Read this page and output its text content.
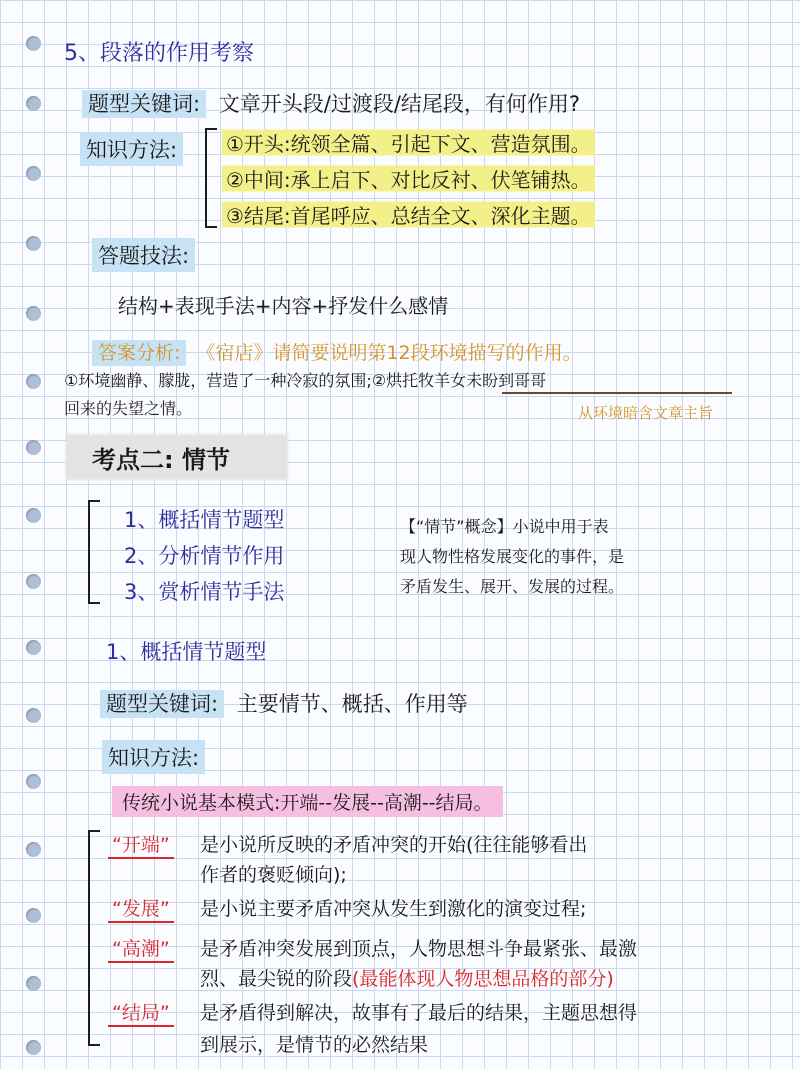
5、段落的作用考察
题型关键词: 文章开头段/过渡段/结尾段，有何作用?
知识方法:	①开头:统领全篇、引起下文、营造氛围。
②中间:承上启下、对比反衬、伏笔铺热。
③结尾:首尾呼应、总结全文、深化主题。
答题技法:
结构+表现手法+内容+抒发什么感情
答案分析: 《宿店》请简要说明第12段环境描写的作用。
①环境幽静、朦胧，营造了一种冷寂的氛围;②烘托牧羊女未盼到哥哥
回来的失望之情。	从环境暗含文章主旨
考点二: 情节
1、概括情节题型
2、分析情节作用
3、赏析情节手法
【“情节”概念】小说中用于表
现人物性格发展变化的事件，是
矛盾发生、展开、发展的过程。
1、概括情节题型
题型关键词: 主要情节、概括、作用等
知识方法:
传统小说基本模式:开端--发展--高潮--结局。
“开端” 是小说所反映的矛盾冲突的开始(往往能够看出
作者的褒贬倾向);
“发展” 是小说主要矛盾冲突从发生到激化的演变过程;
“高潮” 是矛盾冲突发展到顶点，人物思想斗争最紧张、最激
烈、最尖锐的阶段(最能体现人物思想品格的部分)
“结局” 是矛盾得到解决，故事有了最后的结果，主题思想得
到展示，是情节的必然结果
